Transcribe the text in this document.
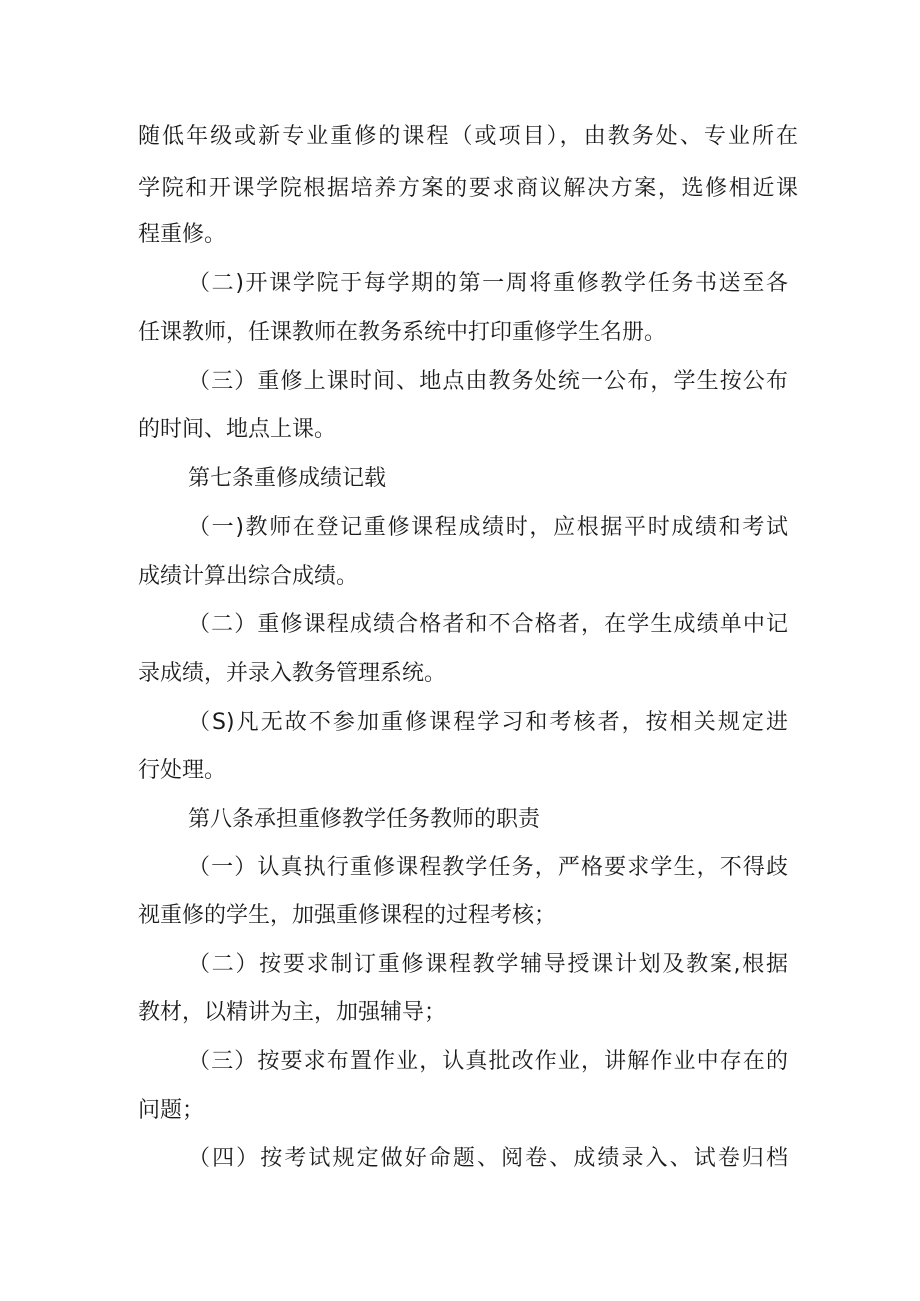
随低年级或新专业重修的课程（或项目），由教务处、专业所在
学院和开课学院根据培养方案的要求商议解决方案，选修相近课
程重修。
（二)开课学院于每学期的第一周将重修教学任务书送至各
任课教师，任课教师在教务系统中打印重修学生名册。
（三）重修上课时间、地点由教务处统一公布，学生按公布
的时间、地点上课。
第七条重修成绩记载
（一)教师在登记重修课程成绩时，应根据平时成绩和考试
成绩计算出综合成绩。
（二）重修课程成绩合格者和不合格者，在学生成绩单中记
录成绩，并录入教务管理系统。
（S)凡无故不参加重修课程学习和考核者，按相关规定进
行处理。
第八条承担重修教学任务教师的职责
（一）认真执行重修课程教学任务，严格要求学生，不得歧
视重修的学生，加强重修课程的过程考核；
（二）按要求制订重修课程教学辅导授课计划及教案,根据
教材，以精讲为主，加强辅导；
（三）按要求布置作业，认真批改作业，讲解作业中存在的
问题；
（四）按考试规定做好命题、阅卷、成绩录入、试卷归档
